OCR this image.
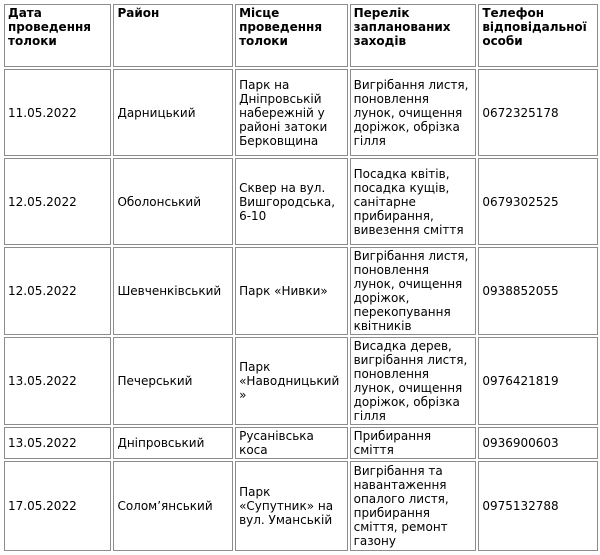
Дата проведення толоки	Район	Місце проведення толоки	Перелік запланованих заходів	Телефон відповідальної особи
11.05.2022	Дарницький	Парк на Дніпровській набережній у районі затоки Берковщина	Вигрібання листя, поновлення лунок, очищення доріжок, обрізка гілля	0672325178
12.05.2022	Оболонський	Сквер на вул. Вишгородська, 6-10	Посадка квітів, посадка кущів, санітарне прибирання, вивезення сміття	0679302525
12.05.2022	Шевченківський	Парк «Нивки»	Вигрібання листя, поновлення лунок, очищення доріжок, перекопування квітників	0938852055
13.05.2022	Печерський	Парк «Наводницький»	Висадка дерев, вигрібання листя, поновлення лунок, очищення доріжок, обрізка гілля	0976421819
13.05.2022	Дніпровський	Русанівська коса	Прибирання сміття	0936900603
17.05.2022	Солом’янський	Парк «Супутник» на вул. Уманській	Вигрібання та навантаження опалого листя, прибирання сміття, ремонт газону	0975132788
